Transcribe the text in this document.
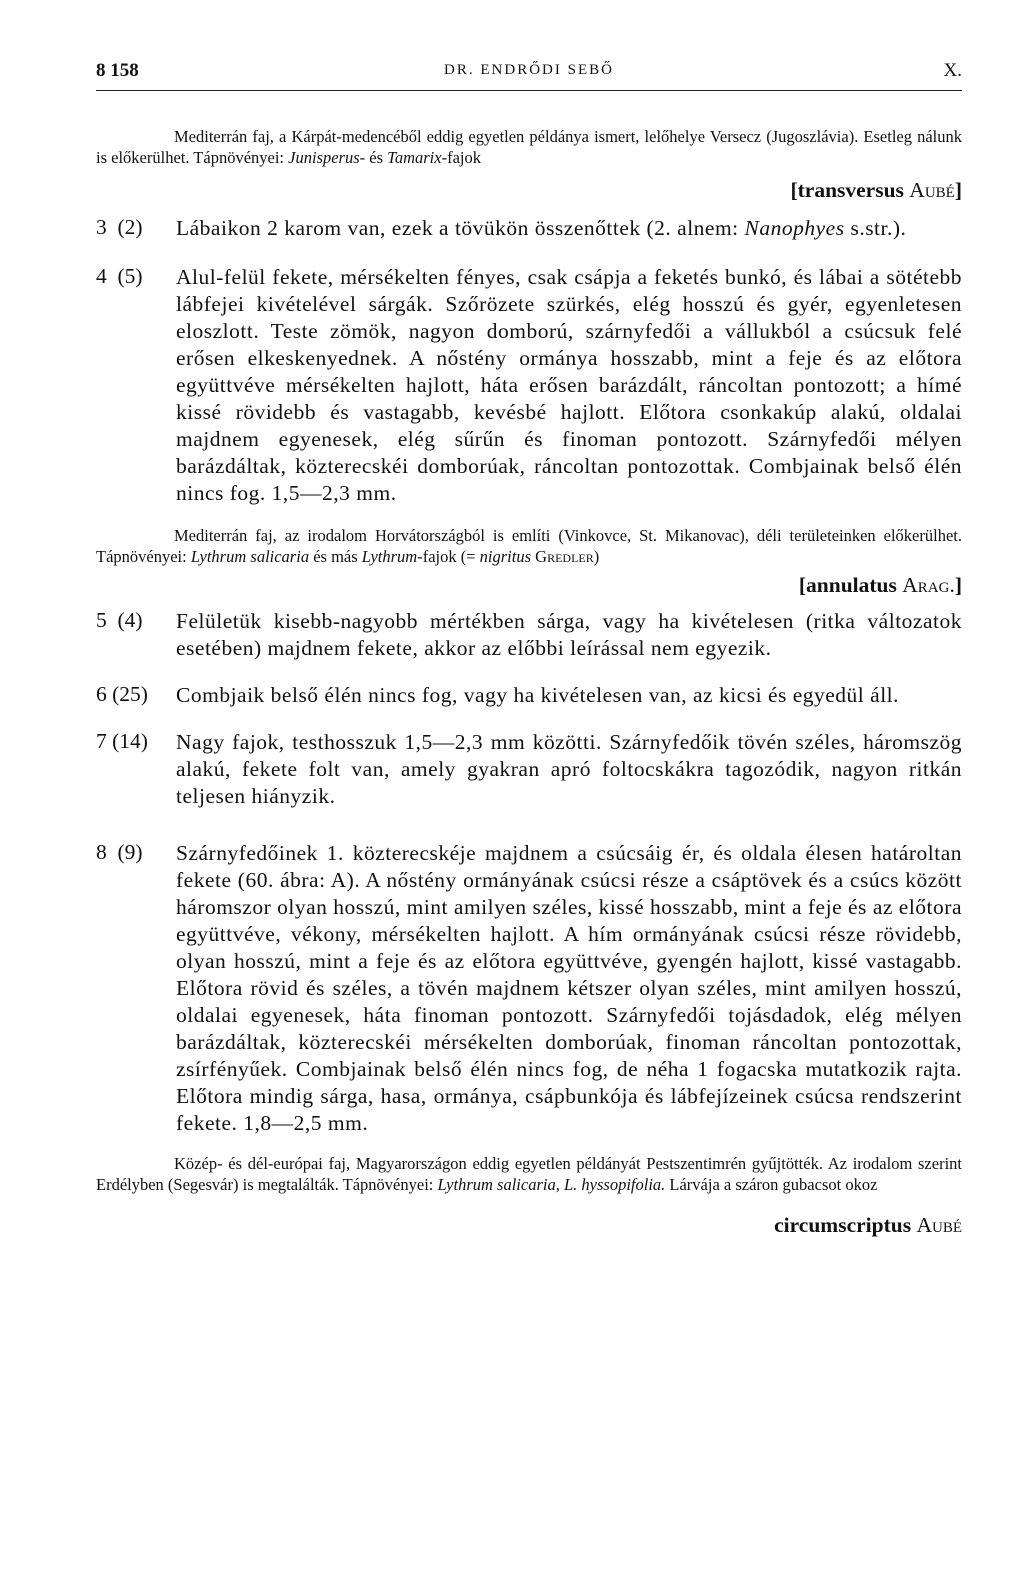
8 158	DR. ENDRŐDI SEBŐ	X.

Mediterrán faj, a Kárpát-medencéből eddig egyetlen példánya ismert, lelőhelye Versecz (Jugoszlávia). Esetleg nálunk is előkerülhet. Tápnövényei: Junisperus- és Tamarix-fajok

[transversus Aubé]

3  (2) Lábaikon 2 karom van, ezek a tövükön összenőttek (2. alnem: Nanophyes s.str.).

4  (5) Alul-felül fekete, mérsékelten fényes, csak csápja a feketés bunkó, és lábai a sötétebb lábfejei kivételével sárgák. Szőrözete szürkés, elég hosszú és gyér, egyenletesen eloszlott. Teste zömök, nagyon domború, szárnyfedői a vállukból a csúcsuk felé erősen elkeskenyednek. A nőstény ormánya hosszabb, mint a feje és az előtora együttvéve mérsékelten hajlott, háta erősen barázdált, ráncoltan pontozott; a hímé kissé rövidebb és vastagabb, kevésbé hajlott. Előtora csonkakúp alakú, oldalai majdnem egyenesek, elég sűrűn és finoman pontozott. Szárnyfedői mélyen barázdáltak, közterecskéi domborúak, ráncoltan pontozottak. Combjainak belső élén nincs fog. 1,5—2,3 mm.

Mediterrán faj, az irodalom Horvátországból is említi (Vinkovce, St. Mikanovac), déli területeinken előkerülhet. Tápnövényei: Lythrum salicaria és más Lythrum-fajok (= nigritus Gredler)

[annulatus Arag.]

5  (4) Felületük kisebb-nagyobb mértékben sárga, vagy ha kivételesen (ritka változatok esetében) majdnem fekete, akkor az előbbi leírással nem egyezik.

6 (25) Combjaik belső élén nincs fog, vagy ha kivételesen van, az kicsi és egyedül áll.

7 (14) Nagy fajok, testhosszuk 1,5—2,3 mm közötti. Szárnyfedőik tövén széles, háromszög alakú, fekete folt van, amely gyakran apró foltocskákra tagozódik, nagyon ritkán teljesen hiányzik.

8  (9) Szárnyfedőinek 1. közterecskéje majdnem a csúcsáig ér, és oldala élesen határoltan fekete (60. ábra: A). A nőstény ormányának csúcsi része a csáptövek és a csúcs között háromszor olyan hosszú, mint amilyen széles, kissé hosszabb, mint a feje és az előtora együttvéve, vékony, mérsékelten hajlott. A hím ormányának csúcsi része rövidebb, olyan hosszú, mint a feje és az előtora együttvéve, gyengén hajlott, kissé vastagabb. Előtora rövid és széles, a tövén majdnem kétszer olyan széles, mint amilyen hosszú, oldalai egyenesek, háta finoman pontozott. Szárnyfedői tojásdadok, elég mélyen barázdáltak, közterecskéi mérsékelten domborúak, finoman ráncoltan pontozottak, zsírfényűek. Combjainak belső élén nincs fog, de néha 1 fogacska mutatkozik rajta. Előtora mindig sárga, hasa, ormánya, csápbunkója és lábfejízeinek csúcsa rendszerint fekete. 1,8—2,5 mm.

Közép- és dél-európai faj, Magyarországon eddig egyetlen példányát Pestszentimrén gyűjtötték. Az irodalom szerint Erdélyben (Segesvár) is megtalálták. Tápnövényei: Lythrum salicaria, L. hyssopifolia. Lárvája a száron gubacsot okoz

circumscriptus Aubé
